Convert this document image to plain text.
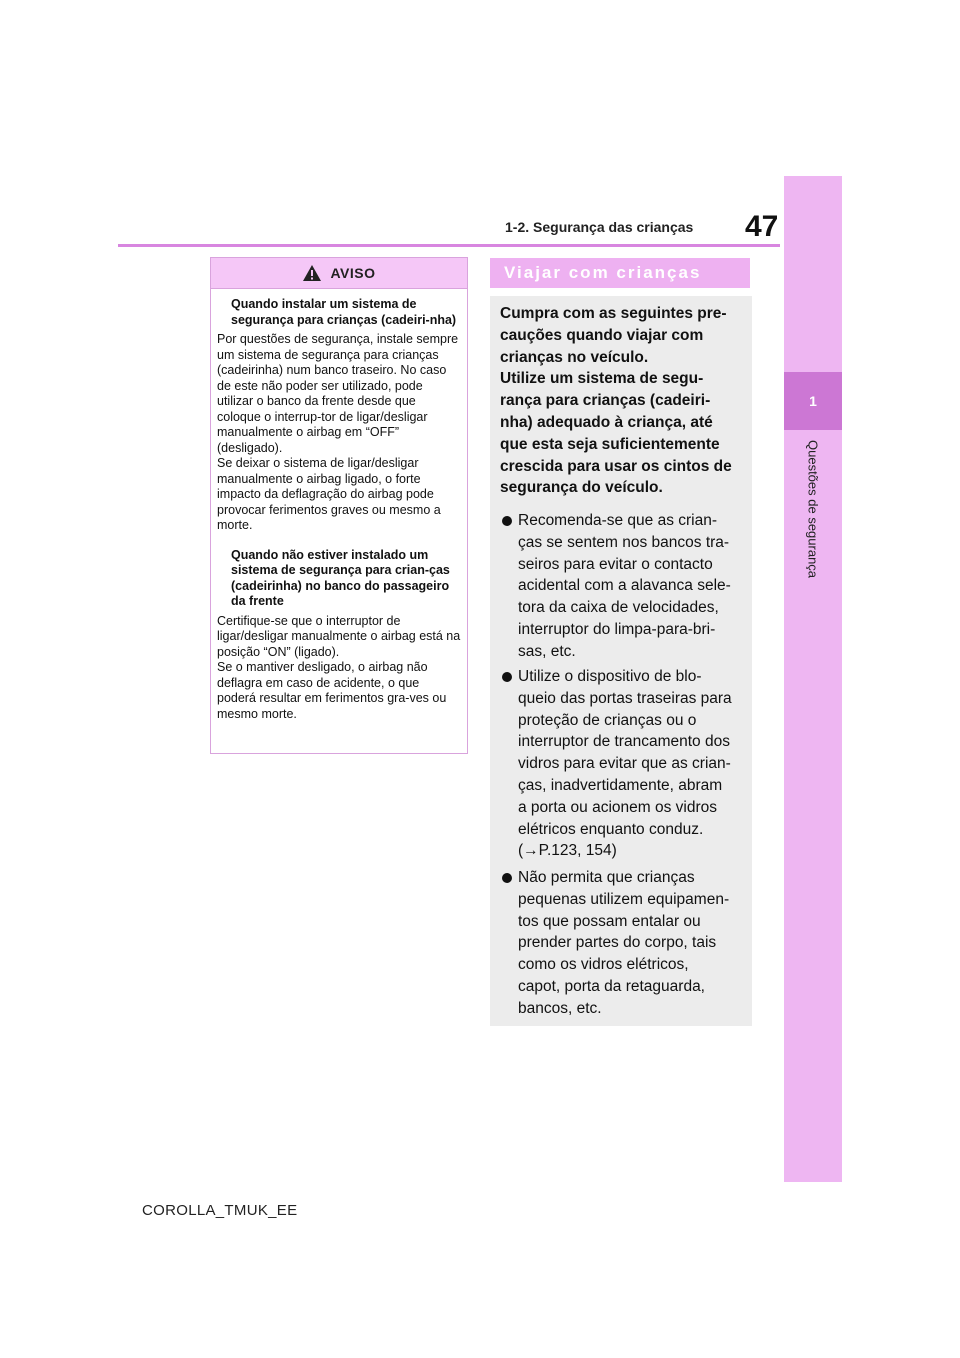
1-2. Segurança das crianças 47
1
Questões de segurança
AVISO
Quando instalar um sistema de segurança para crianças (cadeiri-nha)
Por questões de segurança, instale sempre um sistema de segurança para crianças (cadeirinha) num banco traseiro. No caso de este não poder ser utilizado, pode utilizar o banco da frente desde que coloque o interrup-tor de ligar/desligar manualmente o airbag em “OFF” (desligado).
Se deixar o sistema de ligar/desligar manualmente o airbag ligado, o forte impacto da deflagração do airbag pode provocar ferimentos graves ou mesmo a morte.
Quando não estiver instalado um sistema de segurança para crian-ças (cadeirinha) no banco do passageiro da frente
Certifique-se que o interruptor de ligar/desligar manualmente o airbag está na posição “ON” (ligado).
Se o mantiver desligado, o airbag não deflagra em caso de acidente, o que poderá resultar em ferimentos gra-ves ou mesmo morte.
Viajar com crianças
Cumpra com as seguintes pre-
cauções quando viajar com
crianças no veículo.
Utilize um sistema de segu-
rança para crianças (cadeiri-
nha) adequado à criança, até
que esta seja suficientemente
crescida para usar os cintos de
segurança do veículo.
Recomenda-se que as crian-
ças se sentem nos bancos tra-
seiros para evitar o contacto
acidental com a alavanca sele-
tora da caixa de velocidades,
interruptor do limpa-para-bri-
sas, etc.
Utilize o dispositivo de blo-
queio das portas traseiras para
proteção de crianças ou o
interruptor de trancamento dos
vidros para evitar que as crian-
ças, inadvertidamente, abram
a porta ou acionem os vidros
elétricos enquanto conduz.
(→P.123, 154)
Não permita que crianças
pequenas utilizem equipamen-
tos que possam entalar ou
prender partes do corpo, tais
como os vidros elétricos,
capot, porta da retaguarda,
bancos, etc.
COROLLA_TMUK_EE
